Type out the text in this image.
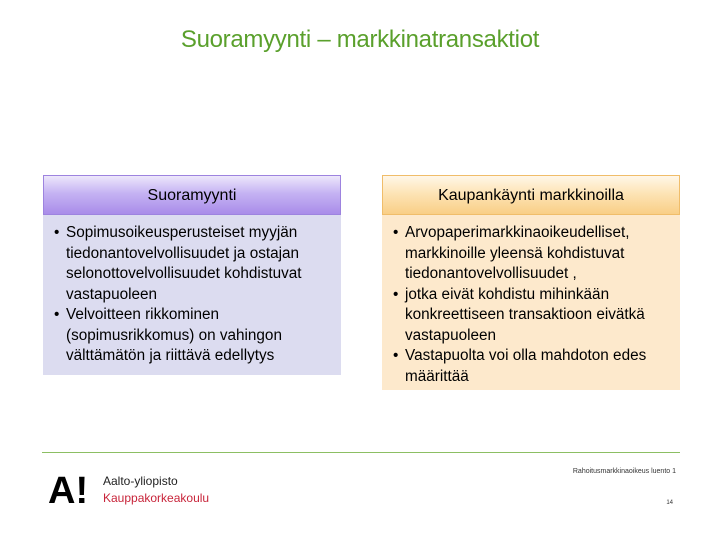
Suoramyynti – markkinatransaktiot
Suoramyynti
• Sopimusoikeusperusteiset myyjän tiedonantovelvollisuudet ja ostajan selonottovelvollisuudet kohdistuvat vastapuoleen
• Velvoitteen rikkominen (sopimusrikkomus) on vahingon välttämätön ja riittävä edellytys
Kaupankäynti markkinoilla
• Arvopaperimarkkinaoikeudelliset, markkinoille yleensä kohdistuvat tiedonantovelvollisuudet ,
• jotka eivät kohdistu mihinkään konkreettiseen transaktioon eivätkä vastapuoleen
• Vastapuolta voi olla mahdoton edes määrittää
A! Aalto-yliopisto
Kauppakorkeakoulu
Rahoitusmarkkinaoikeus luento 1
14
